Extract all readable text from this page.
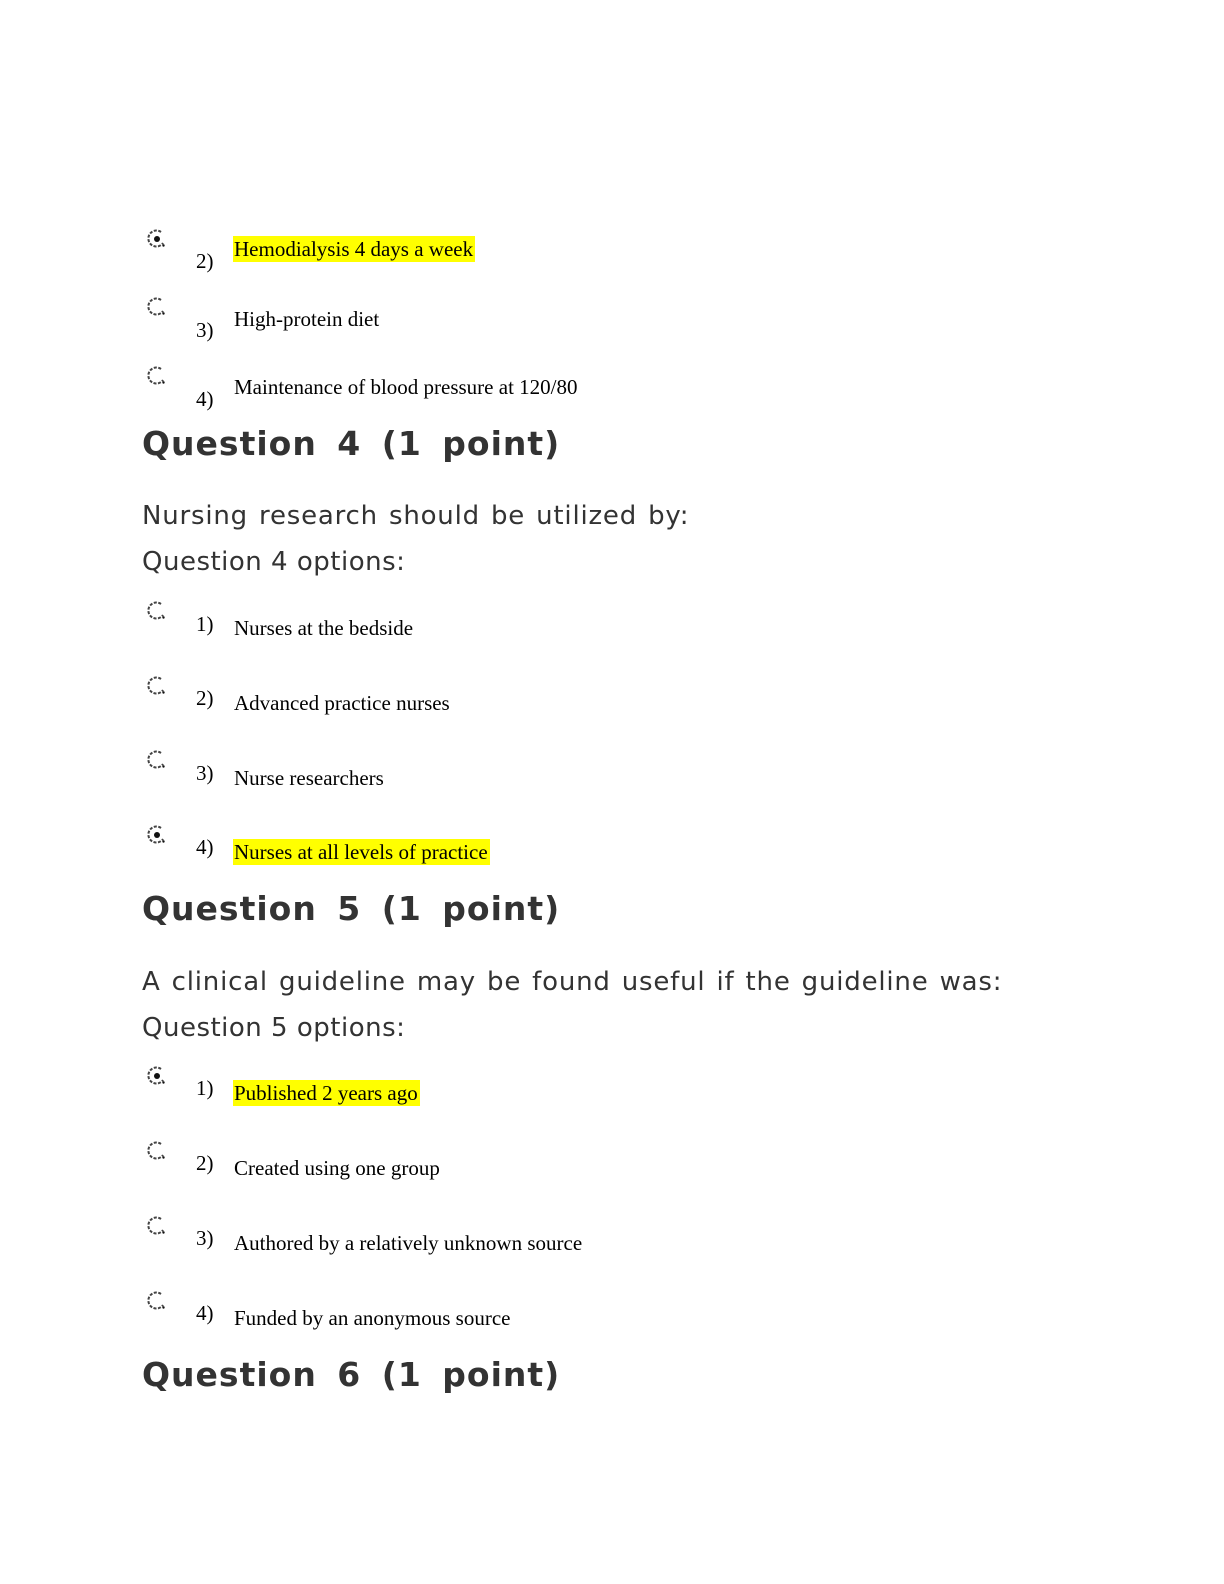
2) Hemodialysis 4 days a week
3) High-protein diet
4) Maintenance of blood pressure at 120/80
Question 4 (1 point)
Nursing research should be utilized by:
Question 4 options:
1) Nurses at the bedside
2) Advanced practice nurses
3) Nurse researchers
4) Nurses at all levels of practice
Question 5 (1 point)
A clinical guideline may be found useful if the guideline was:
Question 5 options:
1) Published 2 years ago
2) Created using one group
3) Authored by a relatively unknown source
4) Funded by an anonymous source
Question 6 (1 point)
